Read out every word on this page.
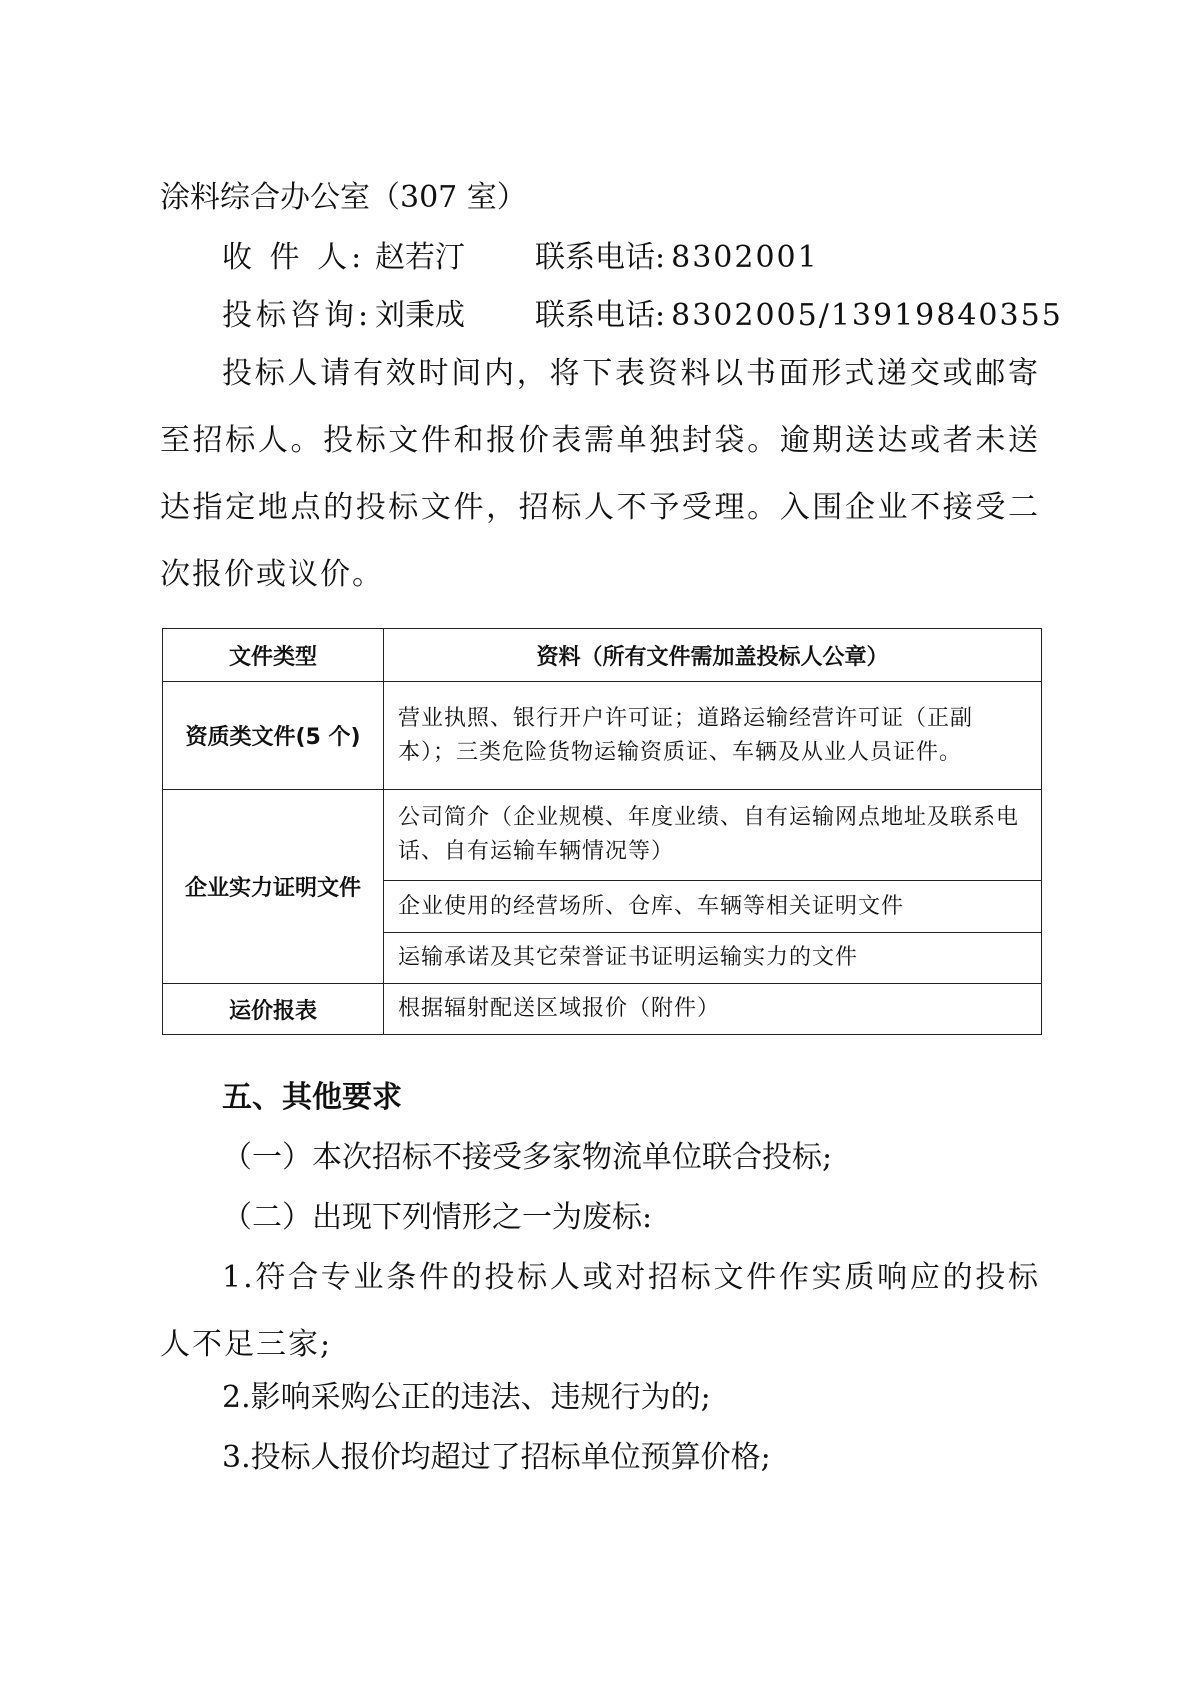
涂料综合办公室（307 室）
收 件 人: 赵若汀 联系电话: 8302001
投标咨询:刘秉成 联系电话: 8302005/13919840355
投标人请有效时间内，将下表资料以书面形式递交或邮寄至招标人。投标文件和报价表需单独封袋。逾期送达或者未送达指定地点的投标文件，招标人不予受理。入围企业不接受二次报价或议价。
文件类型	资料（所有文件需加盖投标人公章）
资质类文件(5 个)	营业执照、银行开户许可证；道路运输经营许可证（正副本）；三类危险货物运输资质证、车辆及从业人员证件。
企业实力证明文件	公司简介（企业规模、年度业绩、自有运输网点地址及联系电话、自有运输车辆情况等）
	企业使用的经营场所、仓库、车辆等相关证明文件
	运输承诺及其它荣誉证书证明运输实力的文件
运价报表	根据辐射配送区域报价（附件）
五、其他要求
（一）本次招标不接受多家物流单位联合投标;
（二）出现下列情形之一为废标:
1.符合专业条件的投标人或对招标文件作实质响应的投标人不足三家;
2.影响采购公正的违法、违规行为的;
3.投标人报价均超过了招标单位预算价格;
